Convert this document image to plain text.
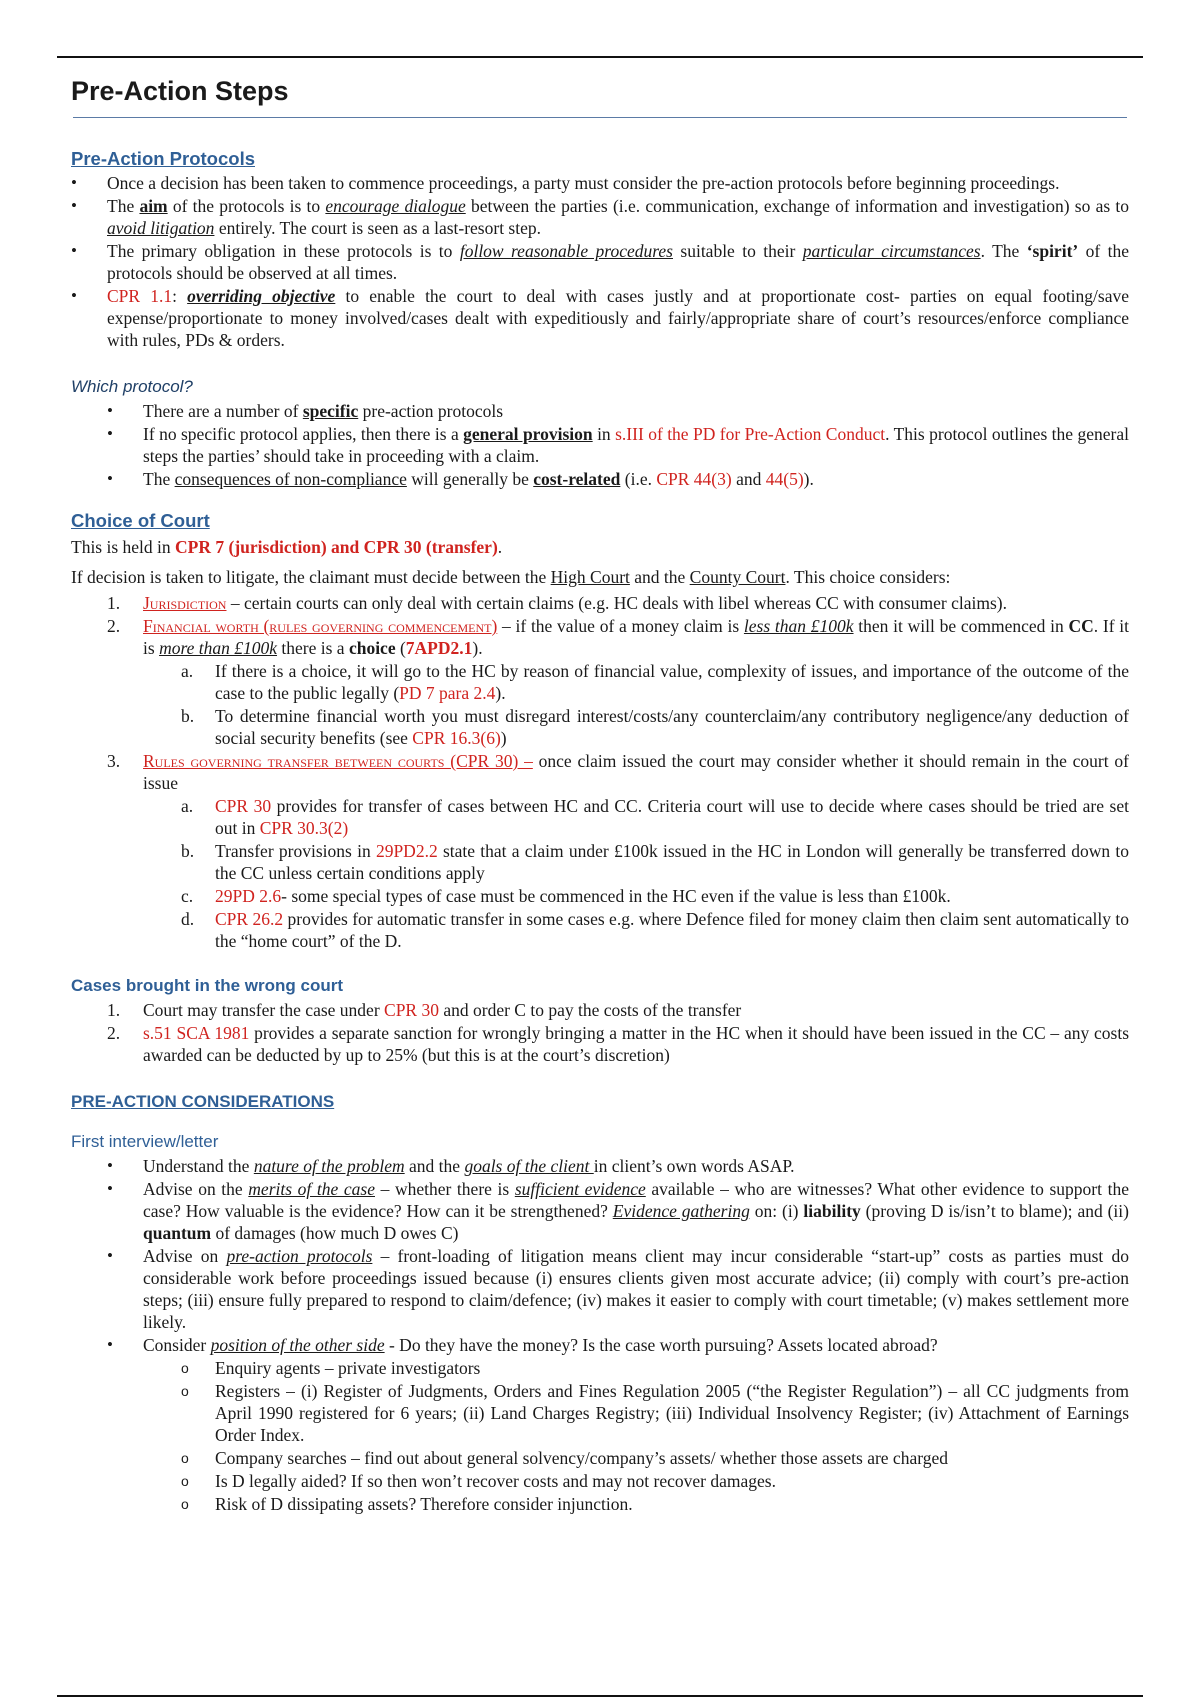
Pre-Action Steps
Pre-Action Protocols
• Once a decision has been taken to commence proceedings, a party must consider the pre-action protocols before beginning proceedings.
• The aim of the protocols is to encourage dialogue between the parties (i.e. communication, exchange of information and investigation) so as to avoid litigation entirely. The court is seen as a last-resort step.
• The primary obligation in these protocols is to follow reasonable procedures suitable to their particular circumstances. The ‘spirit’ of the protocols should be observed at all times.
• CPR 1.1: overriding objective to enable the court to deal with cases justly and at proportionate cost- parties on equal footing/save expense/proportionate to money involved/cases dealt with expeditiously and fairly/appropriate share of court’s resources/enforce compliance with rules, PDs & orders.
Which protocol?
• There are a number of specific pre-action protocols
• If no specific protocol applies, then there is a general provision in s.III of the PD for Pre-Action Conduct. This protocol outlines the general steps the parties’ should take in proceeding with a claim.
• The consequences of non-compliance will generally be cost-related (i.e. CPR 44(3) and 44(5)).
Choice of Court

This is held in CPR 7 (jurisdiction) and CPR 30 (transfer).

If decision is taken to litigate, the claimant must decide between the High Court and the County Court. This choice considers:

1. Jurisdiction – certain courts can only deal with certain claims (e.g. HC deals with libel whereas CC with consumer claims).
2. Financial worth (rules governing commencement) – if the value of a money claim is less than £100k then it will be commenced in CC. If it is more than £100k there is a choice (7APD2.1).
a. If there is a choice, it will go to the HC by reason of financial value, complexity of issues, and importance of the outcome of the case to the public legally (PD 7 para 2.4).
b. To determine financial worth you must disregard interest/costs/any counterclaim/any contributory negligence/any deduction of social security benefits (see CPR 16.3(6))
3. Rules governing transfer between courts (CPR 30) – once claim issued the court may consider whether it should remain in the court of issue
a. CPR 30 provides for transfer of cases between HC and CC. Criteria court will use to decide where cases should be tried are set out in CPR 30.3(2)
b. Transfer provisions in 29PD2.2 state that a claim under £100k issued in the HC in London will generally be transferred down to the CC unless certain conditions apply
c. 29PD 2.6- some special types of case must be commenced in the HC even if the value is less than £100k.
d. CPR 26.2 provides for automatic transfer in some cases e.g. where Defence filed for money claim then claim sent automatically to the “home court” of the D.
Cases brought in the wrong court
1. Court may transfer the case under CPR 30 and order C to pay the costs of the transfer
2. s.51 SCA 1981 provides a separate sanction for wrongly bringing a matter in the HC when it should have been issued in the CC – any costs awarded can be deducted by up to 25% (but this is at the court’s discretion)
PRE-ACTION CONSIDERATIONS
First interview/letter
• Understand the nature of the problem and the goals of the client in client’s own words ASAP.
• Advise on the merits of the case – whether there is sufficient evidence available – who are witnesses? What other evidence to support the case? How valuable is the evidence? How can it be strengthened? Evidence gathering on: (i) liability (proving D is/isn’t to blame); and (ii) quantum of damages (how much D owes C)
• Advise on pre-action protocols – front-loading of litigation means client may incur considerable “start-up” costs as parties must do considerable work before proceedings issued because (i) ensures clients given most accurate advice; (ii) comply with court’s pre-action steps; (iii) ensure fully prepared to respond to claim/defence; (iv) makes it easier to comply with court timetable; (v) makes settlement more likely.
• Consider position of the other side - Do they have the money? Is the case worth pursuing? Assets located abroad?
o Enquiry agents – private investigators
o Registers – (i) Register of Judgments, Orders and Fines Regulation 2005 (“the Register Regulation”) – all CC judgments from April 1990 registered for 6 years; (ii) Land Charges Registry; (iii) Individual Insolvency Register; (iv) Attachment of Earnings Order Index.
o Company searches – find out about general solvency/company’s assets/ whether those assets are charged
o Is D legally aided? If so then won’t recover costs and may not recover damages.
o Risk of D dissipating assets? Therefore consider injunction.
